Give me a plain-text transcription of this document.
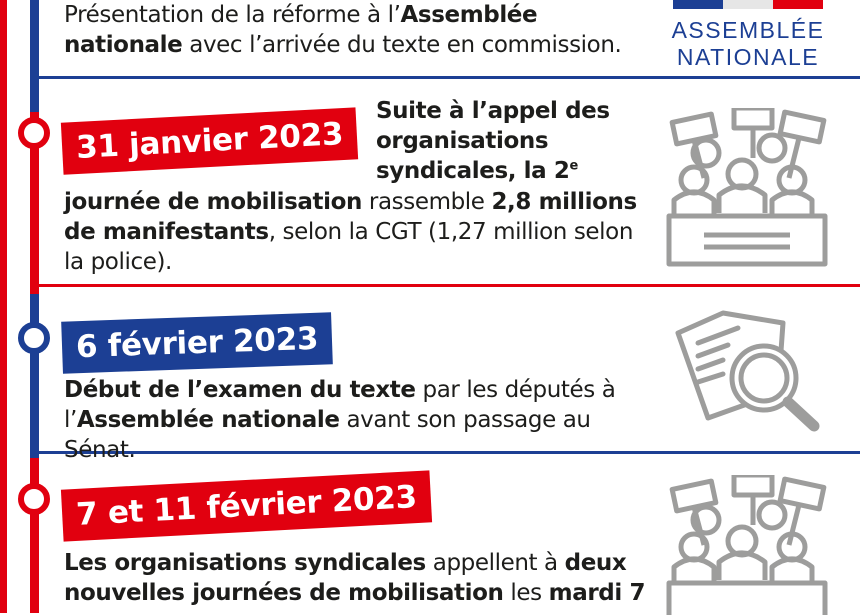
Présentation de la réforme à l’Assemblée
nationale avec l’arrivée du texte en commission.
ASSEMBLÉE
NATIONALE
31 janvier 2023
Suite à l’appel des
organisations
syndicales, la 2e
journée de mobilisation rassemble 2,8 millions
de manifestants, selon la CGT (1,27 million selon
la police).
6 février 2023
Début de l’examen du texte par les députés à
l’Assemblée nationale avant son passage au Sénat.
7 et 11 février 2023
Les organisations syndicales appellent à deux
nouvelles journées de mobilisation les mardi 7
